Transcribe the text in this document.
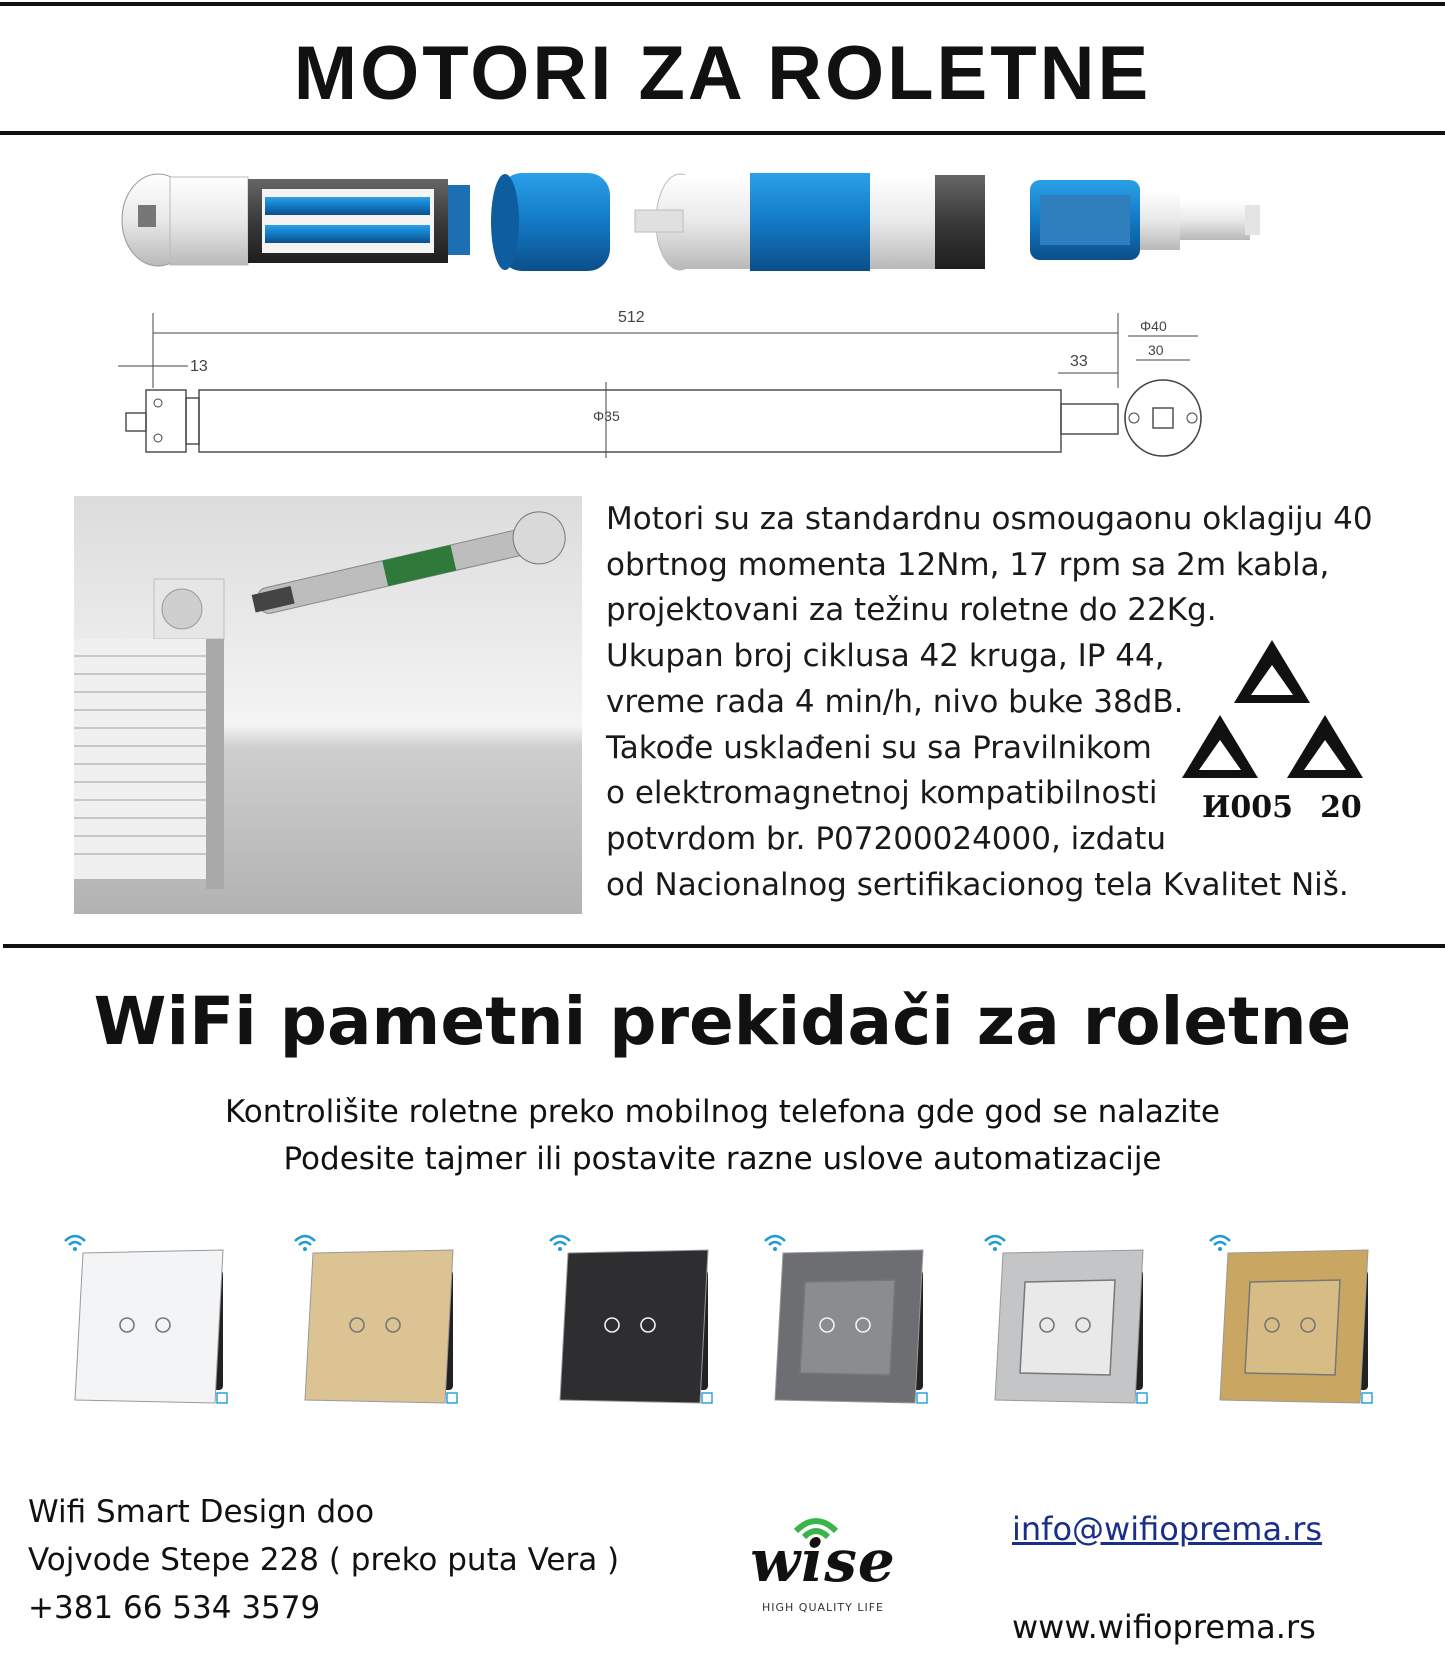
MOTORI ZA ROLETNE
512
13	33
Φ35
Φ40
30
Motori su za standardnu osmougaonu oklagiju 40
obrtnog momenta 12Nm, 17 rpm sa 2m kabla,
projektovani za težinu roletne do 22Kg.
Ukupan broj ciklusa 42 kruga, IP 44,
vreme rada 4 min/h, nivo buke 38dB.
Takođe usklađeni su sa Pravilnikom
o elektromagnetnoj kompatibilnosti
potvrdom br. P07200024000, izdatu
od Nacionalnog sertifikacionog tela Kvalitet Niš.
И005 20
WiFi pametni prekidači za roletne
Kontrolišite roletne preko mobilnog telefona gde god se nalazite
Podesite tajmer ili postavite razne uslove automatizacije
Wifi Smart Design doo
Vojvode Stepe 228 ( preko puta Vera )
+381 66 534 3579
wise
HIGH QUALITY LIFE
info@wifioprema.rs
www.wifioprema.rs
